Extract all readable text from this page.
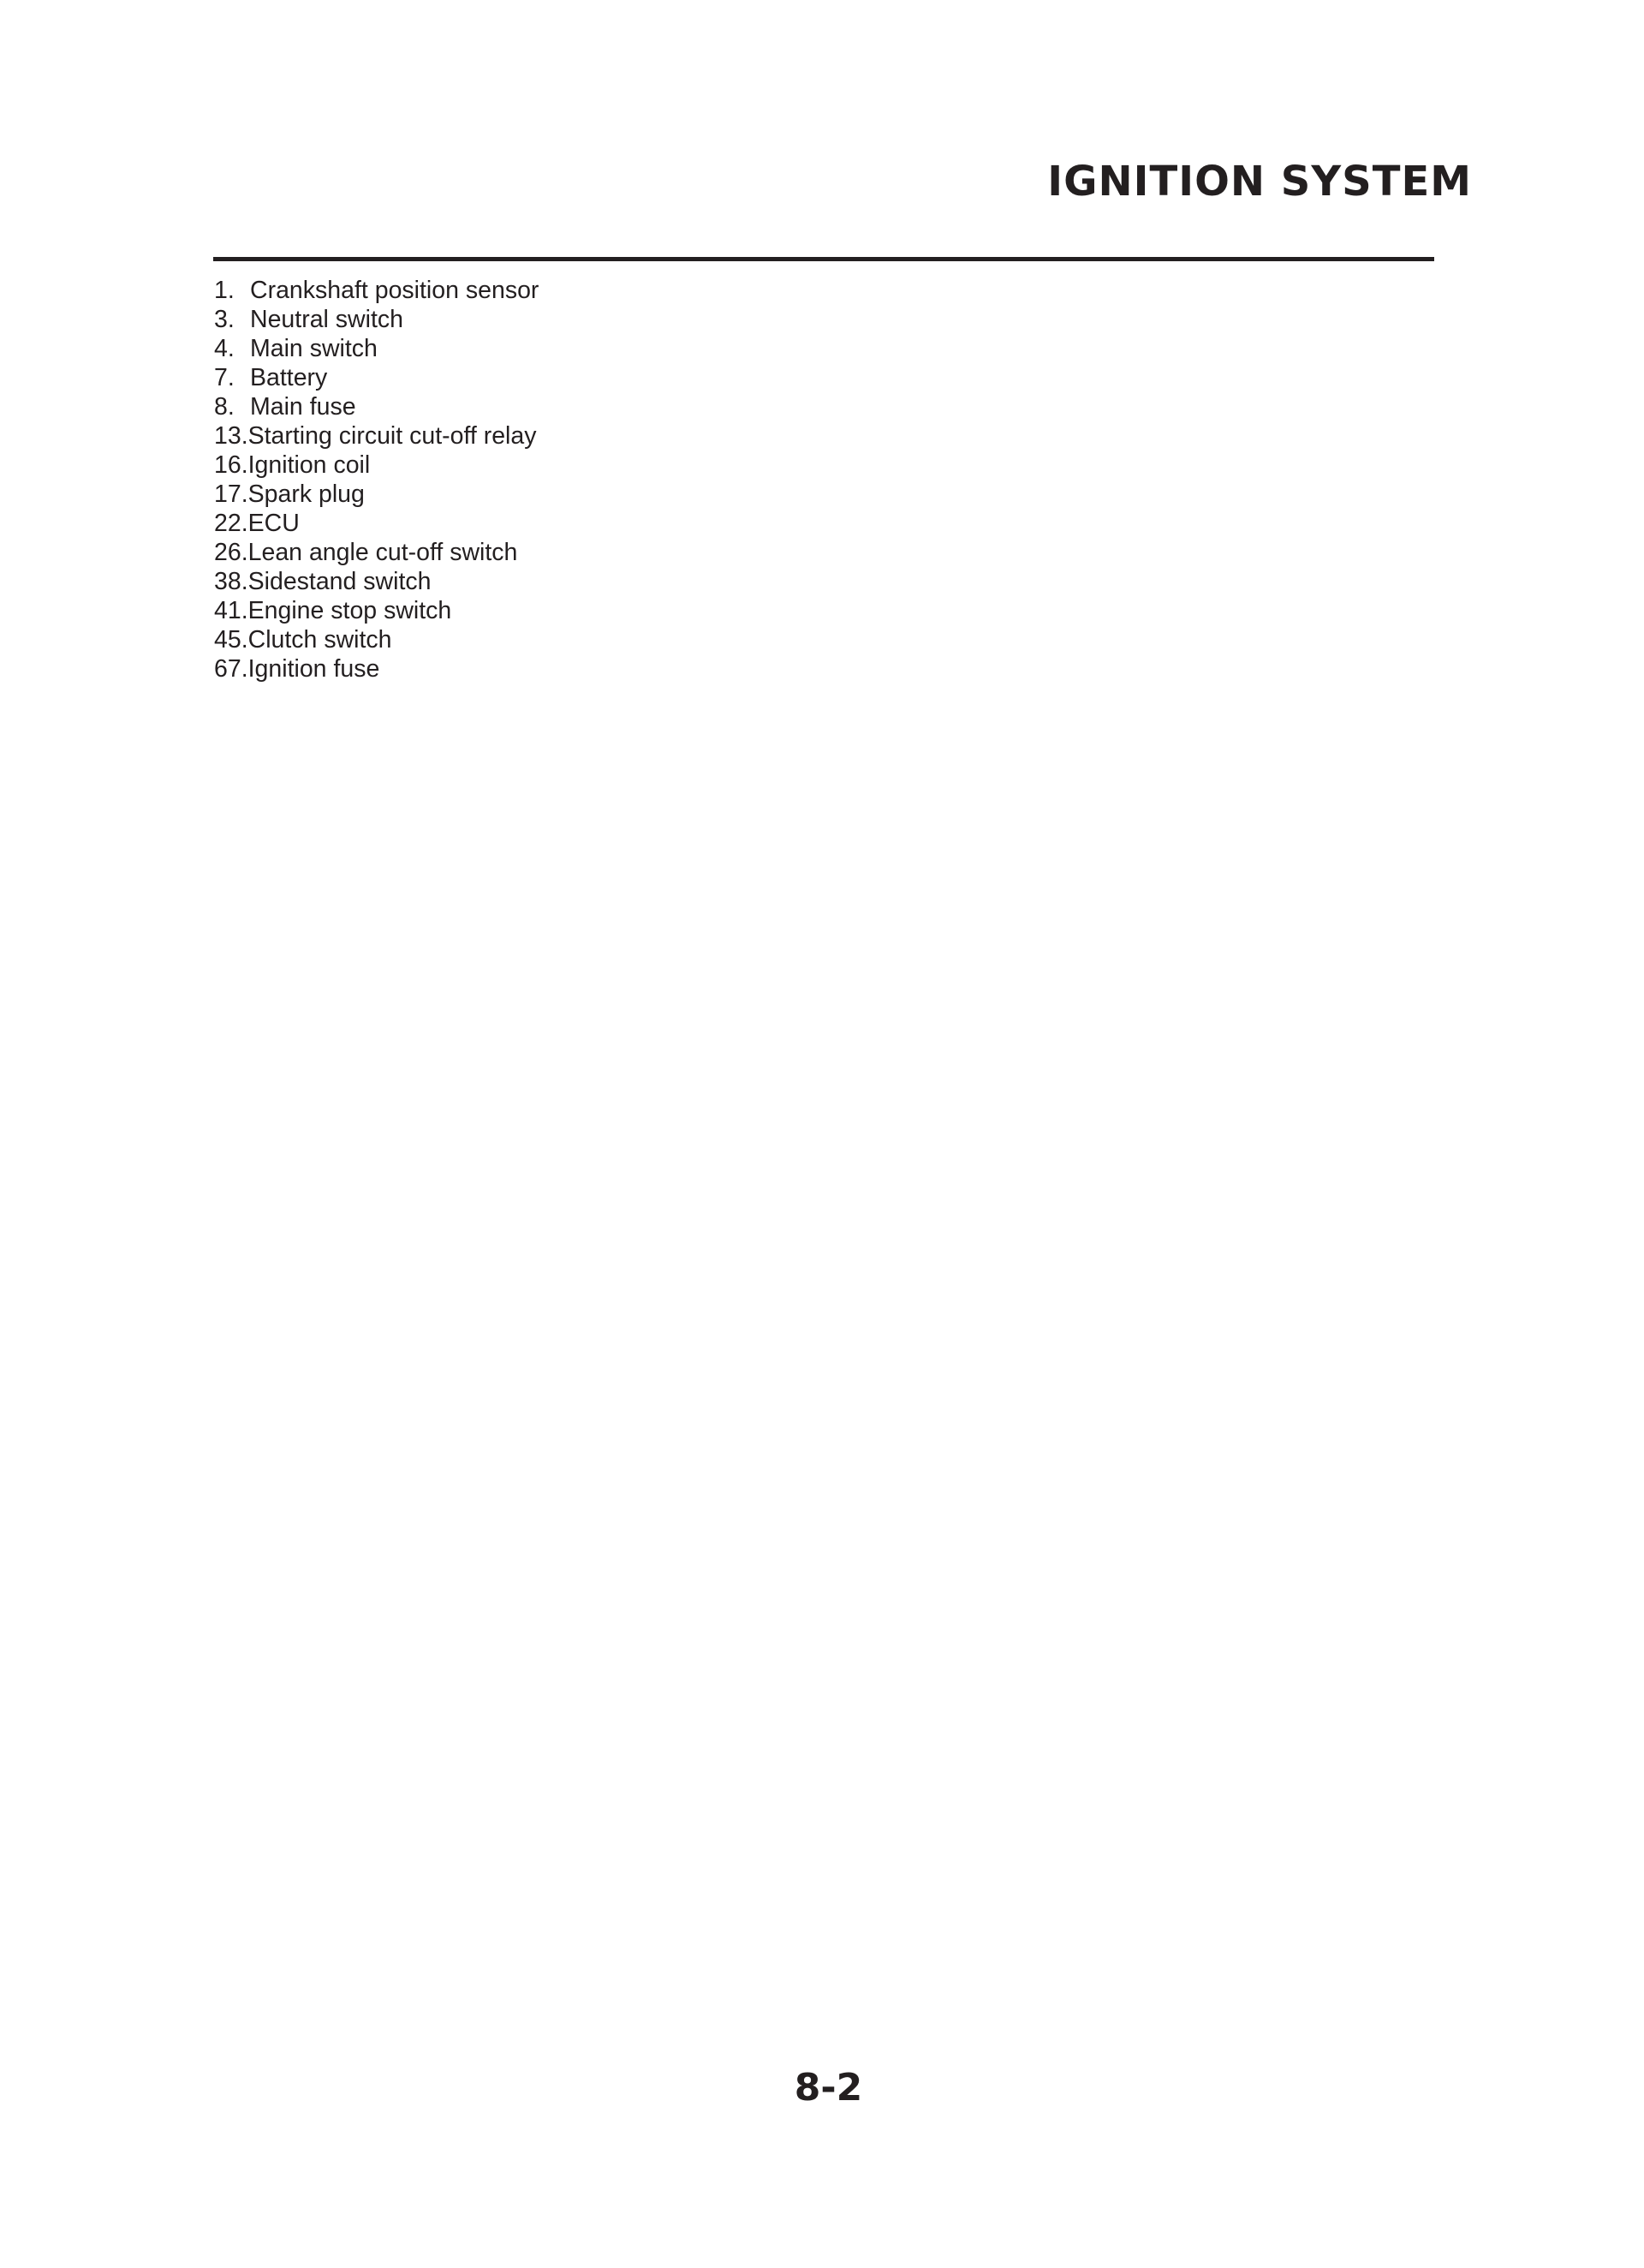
IGNITION SYSTEM
1. Crankshaft position sensor
3. Neutral switch
4. Main switch
7. Battery
8. Main fuse
13. Starting circuit cut-off relay
16. Ignition coil
17. Spark plug
22. ECU
26. Lean angle cut-off switch
38. Sidestand switch
41. Engine stop switch
45. Clutch switch
67. Ignition fuse
8-2
